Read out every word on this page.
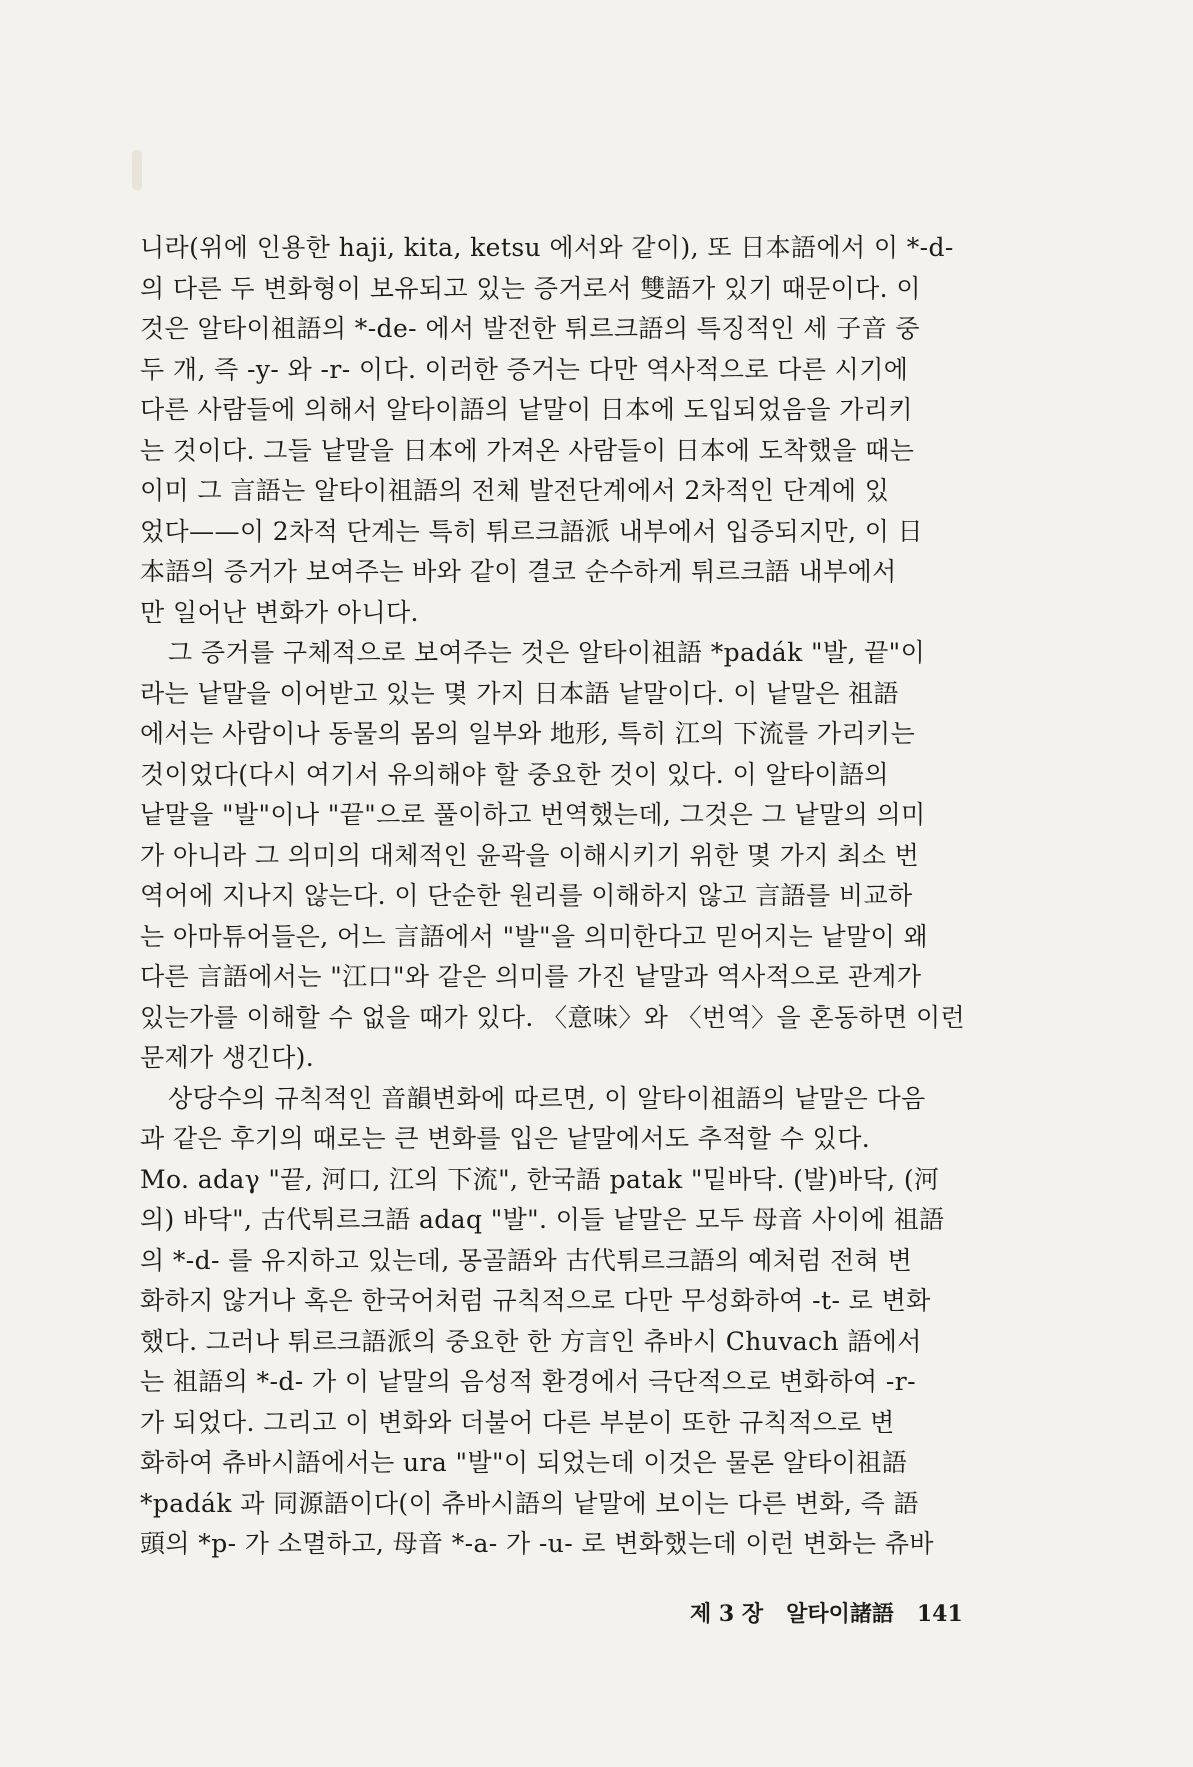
니라(위에 인용한 haji, kita, ketsu 에서와 같이), 또 日本語에서 이 *-d-
의 다른 두 변화형이 보유되고 있는 증거로서 雙語가 있기 때문이다. 이
것은 알타이祖語의 *-de- 에서 발전한 튀르크語의 특징적인 세 子音 중
두 개, 즉 -y- 와 -r- 이다. 이러한 증거는 다만 역사적으로 다른 시기에
다른 사람들에 의해서 알타이語의 낱말이 日本에 도입되었음을 가리키
는 것이다. 그들 낱말을 日本에 가져온 사람들이 日本에 도착했을 때는
이미 그 言語는 알타이祖語의 전체 발전단계에서 2차적인 단계에 있
었다——이 2차적 단계는 특히 튀르크語派 내부에서 입증되지만, 이 日
本語의 증거가 보여주는 바와 같이 결코 순수하게 튀르크語 내부에서
만 일어난 변화가 아니다.

그 증거를 구체적으로 보여주는 것은 알타이祖語 *padák "발, 끝"이
라는 낱말을 이어받고 있는 몇 가지 日本語 낱말이다. 이 낱말은 祖語
에서는 사람이나 동물의 몸의 일부와 地形, 특히 江의 下流를 가리키는
것이었다(다시 여기서 유의해야 할 중요한 것이 있다. 이 알타이語의
낱말을 "발"이나 "끝"으로 풀이하고 번역했는데, 그것은 그 낱말의 의미
가 아니라 그 의미의 대체적인 윤곽을 이해시키기 위한 몇 가지 최소 번
역어에 지나지 않는다. 이 단순한 원리를 이해하지 않고 言語를 비교하
는 아마튜어들은, 어느 言語에서 "발"을 의미한다고 믿어지는 낱말이 왜
다른 言語에서는 "江口"와 같은 의미를 가진 낱말과 역사적으로 관계가
있는가를 이해할 수 없을 때가 있다. 〈意味〉와 〈번역〉을 혼동하면 이런
문제가 생긴다).

상당수의 규칙적인 音韻변화에 따르면, 이 알타이祖語의 낱말은 다음
과 같은 후기의 때로는 큰 변화를 입은 낱말에서도 추적할 수 있다.
Mo. adaγ "끝, 河口, 江의 下流", 한국語 patak "밑바닥. (발)바닥, (河
의) 바닥", 古代튀르크語 adaq "발". 이들 낱말은 모두 母音 사이에 祖語
의 *-d- 를 유지하고 있는데, 몽골語와 古代튀르크語의 예처럼 전혀 변
화하지 않거나 혹은 한국어처럼 규칙적으로 다만 무성화하여 -t- 로 변화
했다. 그러나 튀르크語派의 중요한 한 方言인 츄바시 Chuvach 語에서
는 祖語의 *-d- 가 이 낱말의 음성적 환경에서 극단적으로 변화하여 -r-
가 되었다. 그리고 이 변화와 더불어 다른 부분이 또한 규칙적으로 변
화하여 츄바시語에서는 ura "발"이 되었는데 이것은 물론 알타이祖語
*padák 과 同源語이다(이 츄바시語의 낱말에 보이는 다른 변화, 즉 語
頭의 *p- 가 소멸하고, 母音 *-a- 가 -u- 로 변화했는데 이런 변화는 츄바

제 3 장 알타이諸語 141
